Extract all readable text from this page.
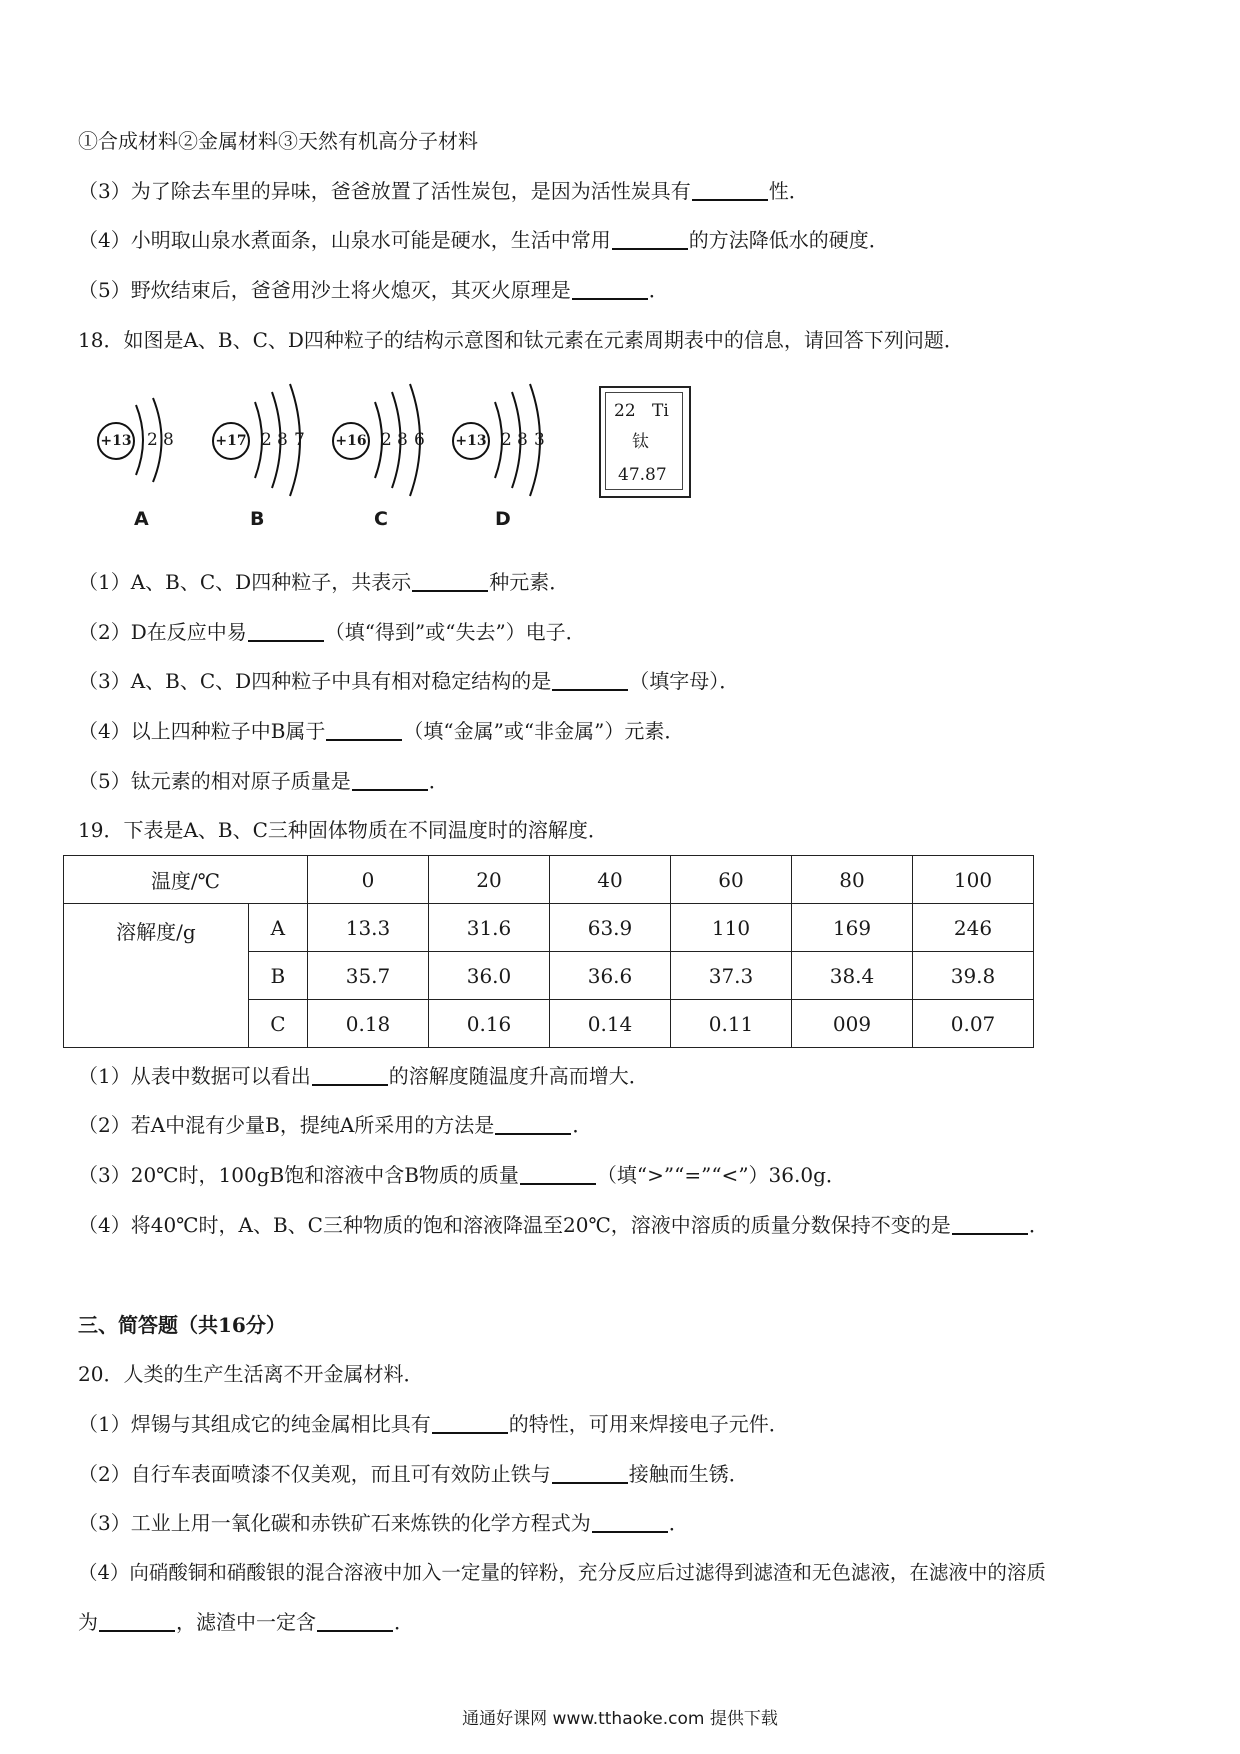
①合成材料②金属材料③天然有机高分子材料
（3）为了除去车里的异味，爸爸放置了活性炭包，是因为活性炭具有	性．
（4）小明取山泉水煮面条，山泉水可能是硬水，生活中常用	的方法降低水的硬度．
（5）野炊结束后，爸爸用沙土将火熄灭，其灭火原理是	．
18．如图是A、B、C、D四种粒子的结构示意图和钛元素在元素周期表中的信息，请回答下列问题．
+13 2 8
A
+17 2 8 7
B
+16 2 8 6
C
+13 2 8 3
D
22 Ti
钛
47.87
（1）A、B、C、D四种粒子，共表示	种元素．
（2）D在反应中易	（填“得到”或“失去”）电子．
（3）A、B、C、D四种粒子中具有相对稳定结构的是	（填字母）．
（4）以上四种粒子中B属于	（填“金属”或“非金属”）元素．
（5）钛元素的相对原子质量是	．
19．下表是A、B、C三种固体物质在不同温度时的溶解度．
温度/℃		0	20	40	60	80	100
溶解度/g	A	13.3	31.6	63.9	110	169	246
	B	35.7	36.0	36.6	37.3	38.4	39.8
	C	0.18	0.16	0.14	0.11	009	0.07
（1）从表中数据可以看出	的溶解度随温度升高而增大．
（2）若A中混有少量B，提纯A所采用的方法是	．
（3）20℃时，100gB饱和溶液中含B物质的质量	（填“>”“=”“<”）36.0g．
（4）将40℃时，A、B、C三种物质的饱和溶液降温至20℃，溶液中溶质的质量分数保持不变的是	．
三、简答题（共16分）
20．人类的生产生活离不开金属材料．
（1）焊锡与其组成它的纯金属相比具有	的特性，可用来焊接电子元件．
（2）自行车表面喷漆不仅美观，而且可有效防止铁与	接触而生锈．
（3）工业上用一氧化碳和赤铁矿石来炼铁的化学方程式为	．
（4）向硝酸铜和硝酸银的混合溶液中加入一定量的锌粉，充分反应后过滤得到滤渣和无色滤液，在滤液中的溶质
为	，滤渣中一定含	．
通通好课网 www.tthaoke.com 提供下载
